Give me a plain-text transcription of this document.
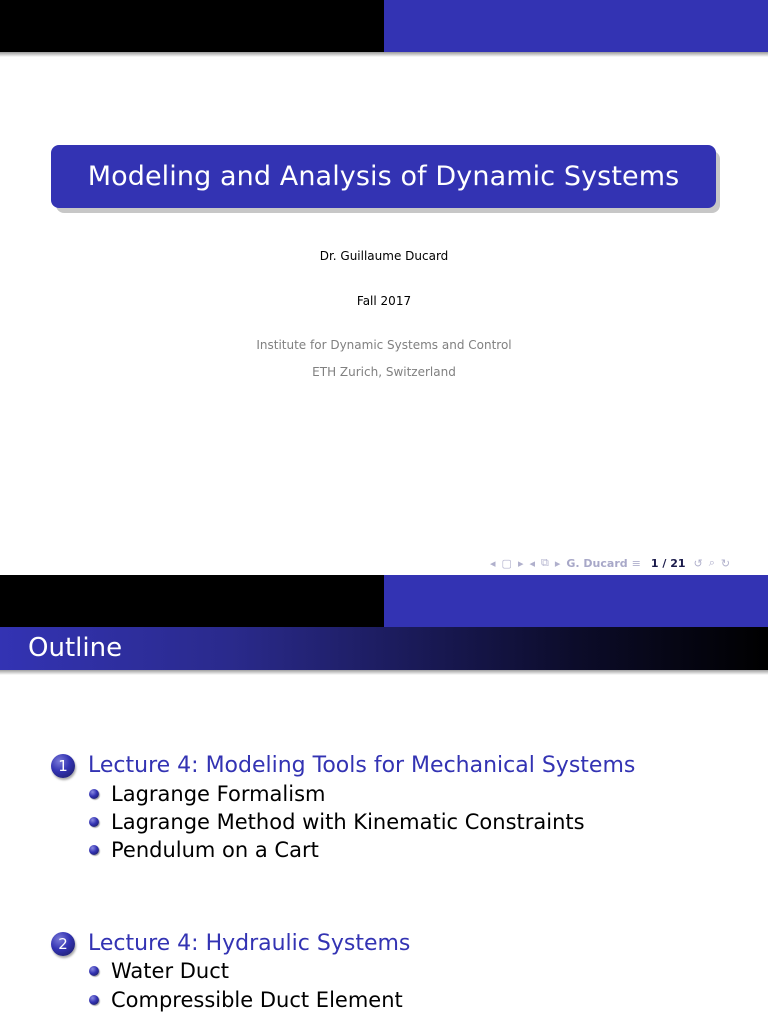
Modeling and Analysis of Dynamic Systems
Dr. Guillaume Ducard
Fall 2017
Institute for Dynamic Systems and Control
ETH Zurich, Switzerland
◂ ▢ ▸ ◂ ⧉ ▸ G. Ducard ≡ 1 / 21 ↺ ⌕ ↻
Outline
1 Lecture 4: Modeling Tools for Mechanical Systems
Lagrange Formalism
Lagrange Method with Kinematic Constraints
Pendulum on a Cart
2 Lecture 4: Hydraulic Systems
Water Duct
Compressible Duct Element
